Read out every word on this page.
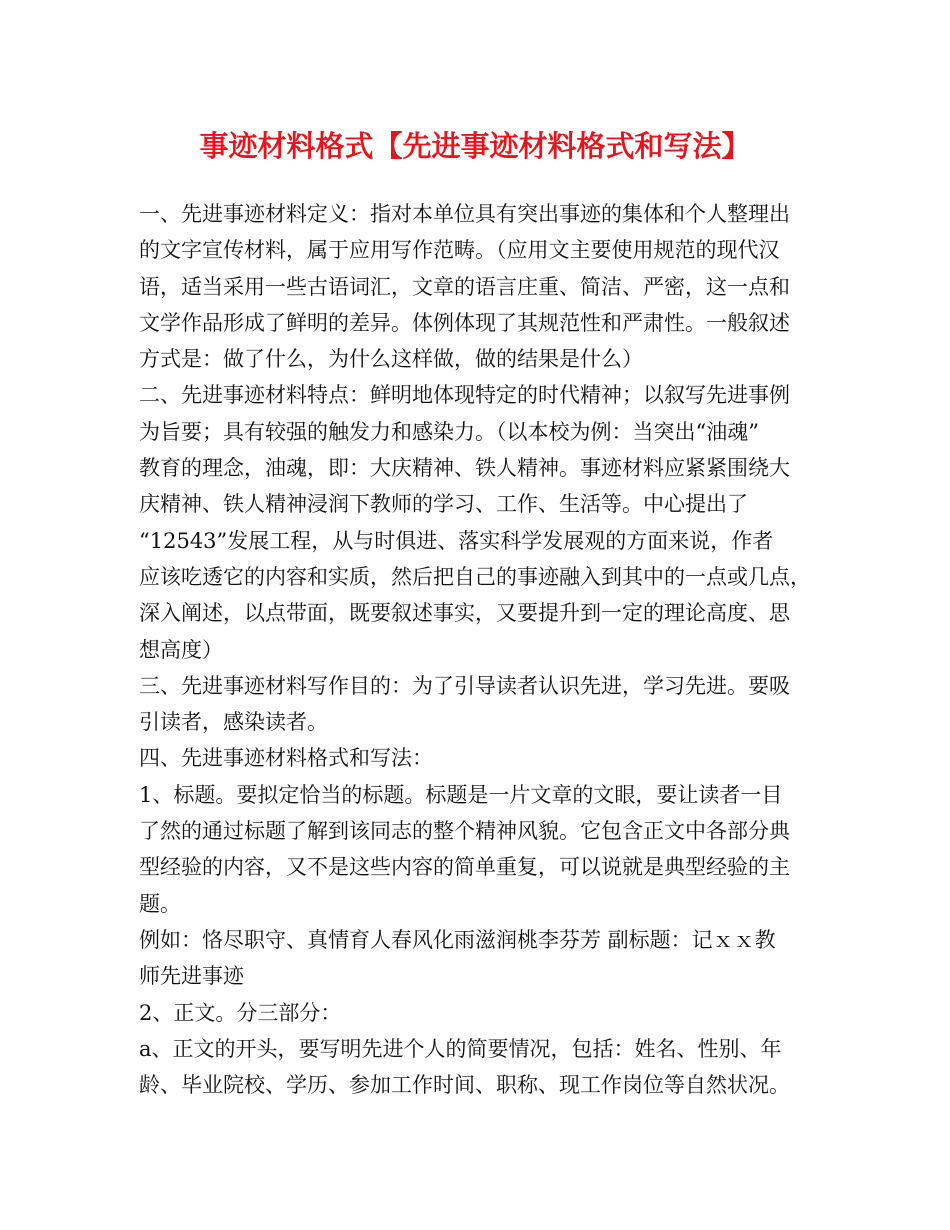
事迹材料格式【先进事迹材料格式和写法】
一、先进事迹材料定义：指对本单位具有突出事迹的集体和个人整理出
的文字宣传材料，属于应用写作范畴。（应用文主要使用规范的现代汉
语，适当采用一些古语词汇，文章的语言庄重、简洁、严密，这一点和
文学作品形成了鲜明的差异。体例体现了其规范性和严肃性。一般叙述
方式是：做了什么，为什么这样做，做的结果是什么）
二、先进事迹材料特点：鲜明地体现特定的时代精神；以叙写先进事例
为旨要；具有较强的触发力和感染力。（以本校为例：当突出“油魂”
教育的理念，油魂，即：大庆精神、铁人精神。事迹材料应紧紧围绕大
庆精神、铁人精神浸润下教师的学习、工作、生活等。中心提出了
“12543”发展工程，从与时俱进、落实科学发展观的方面来说，作者
应该吃透它的内容和实质，然后把自己的事迹融入到其中的一点或几点，
深入阐述，以点带面，既要叙述事实，又要提升到一定的理论高度、思
想高度）
三、先进事迹材料写作目的：为了引导读者认识先进，学习先进。要吸
引读者，感染读者。
四、先进事迹材料格式和写法：
1、标题。要拟定恰当的标题。标题是一片文章的文眼，要让读者一目
了然的通过标题了解到该同志的整个精神风貌。它包含正文中各部分典
型经验的内容，又不是这些内容的简单重复，可以说就是典型经验的主
题。
例如：恪尽职守、真情育人春风化雨滋润桃李芬芳 副标题：记ｘｘ教
师先进事迹
2、正文。分三部分：
a、正文的开头，要写明先进个人的简要情况，包括：姓名、性别、年
龄、毕业院校、学历、参加工作时间、职称、现工作岗位等自然状况。
